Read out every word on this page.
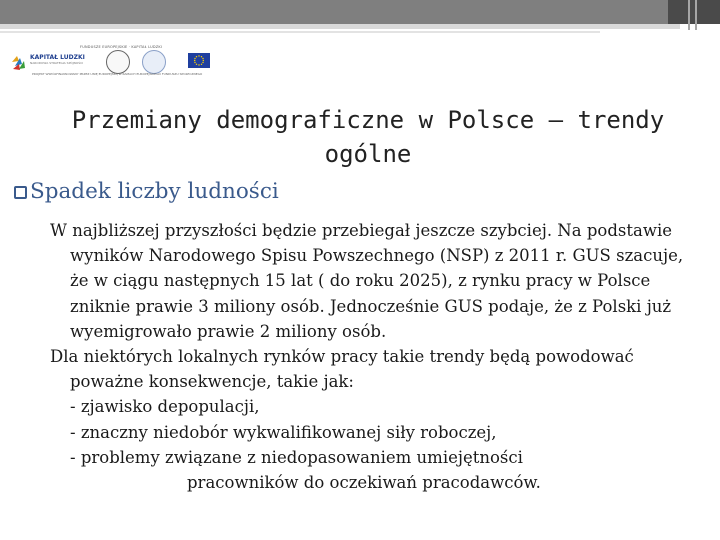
FUNDUSZE EUROPEJSKIE · KAPITAŁ LUDZKI
KAPITAŁ LUDZKI
NARODOWA STRATEGIA SPÓJNOŚCI
PROJEKT WSPÓŁFINANSOWANY PRZEZ UNIĘ EUROPEJSKĄ W RAMACH EUROPEJSKIEGO FUNDUSZU SPOŁECZNEGO
Przemiany demograficzne w Polsce – trendy ogólne
Spadek liczby ludności

W najbliższej przyszłości będzie przebiegał jeszcze szybciej. Na podstawie wyników Narodowego Spisu Powszechnego (NSP) z 2011 r. GUS szacuje, że w ciągu następnych 15 lat ( do roku 2025), z rynku pracy w Polsce zniknie prawie 3 miliony osób. Jednocześnie GUS podaje, że z Polski już wyemigrowało prawie 2 miliony osób.

Dla niektórych lokalnych rynków pracy takie trendy będą powodować poważne konsekwencje, takie jak:

- zjawisko depopulacji,
- znaczny niedobór wykwalifikowanej siły roboczej,
- problemy związane z niedopasowaniem umiejętności
pracowników do oczekiwań pracodawców.
